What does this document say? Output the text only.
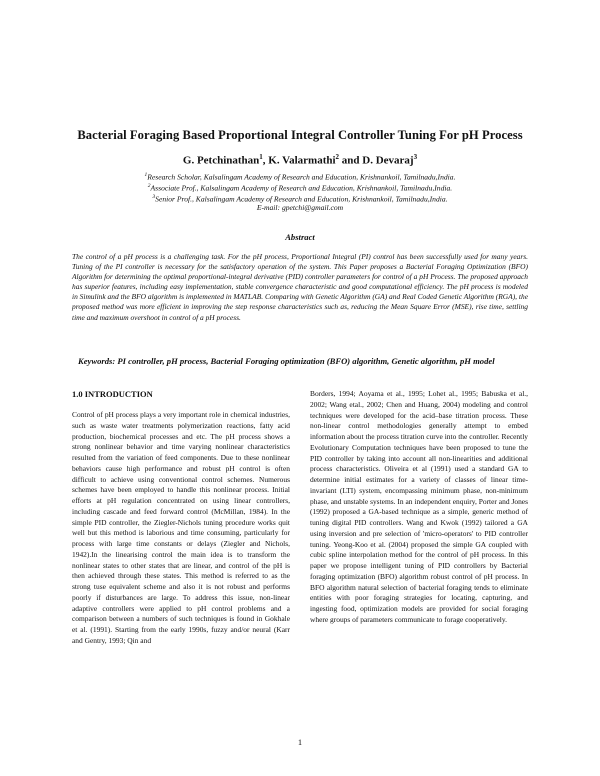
Bacterial Foraging Based Proportional Integral Controller Tuning For pH Process
G. Petchinathan$^1$, K. Valarmathi$^2$ and D. Devaraj$^3$
$^1$Research Scholar, Kalsalingam Academy of Research and Education, Krishnankoil, Tamilnadu,India.
$^2$Associate Prof., Kalsalingam Academy of Research and Education, Krishnankoil, Tamilnadu,India.
$^3$Senior Prof., Kalsalingam Academy of Research and Education, Krishnankoil, Tamilnadu,India.
E-mail: gpetchi@gmail.com
Abstract

The control of a pH process is a challenging task. For the pH process, Proportional Integral (PI) control has been successfully used for many years. Tuning of the PI controller is necessary for the satisfactory operation of the system. This Paper proposes a Bacterial Foraging Optimization (BFO) Algorithm for determining the optimal proportional-integral derivative (PID) controller parameters for control of a pH Process. The proposed approach has superior features, including easy implementation, stable convergence characteristic and good computational efficiency. The pH process is modeled in Simulink and the BFO algorithm is implemented in MATLAB. Comparing with Genetic Algorithm (GA) and Real Coded Genetic Algorithm (RGA), the proposed method was more efficient in improving the step response characteristics such as, reducing the Mean Square Error (MSE), rise time, settling time and maximum overshoot in control of a pH process.

Keywords: PI controller, pH process, Bacterial Foraging optimization (BFO) algorithm, Genetic algorithm, pH model

1.0 INTRODUCTION

Control of pH process plays a very important role in chemical industries, such as waste water treatments polymerization reactions, fatty acid production, biochemical processes and etc. The pH process shows a strong nonlinear behavior and time varying nonlinear characteristics resulted from the variation of feed components. Due to these nonlinear behaviors cause high performance and robust pH control is often difficult to achieve using conventional control schemes. Numerous schemes have been employed to handle this nonlinear process. Initial efforts at pH regulation concentrated on using linear controllers, including cascade and feed forward control (McMillan, 1984). In the simple PID controller, the Ziegler-Nichols tuning procedure works quit well but this method is laborious and time consuming, particularly for process with large time constants or delays (Ziegler and Nichols, 1942).In the linearising control the main idea is to transform the nonlinear states to other states that are linear, and control of the pH is then achieved through these states. This method is referred to as the strong tuse equivalent scheme and also it is not robust and performs poorly if disturbances are large. To address this issue, non-linear adaptive controllers were applied to pH control problems and a comparison between a numbers of such techniques is found in Gokhale et al. (1991). Starting from the early 1990s, fuzzy and/or neural (Karr and Gentry, 1993; Qin and

Borders, 1994; Aoyama et al., 1995; Lohet al., 1995; Babuska et al., 2002; Wang etal., 2002; Chen and Huang, 2004) modeling and control techniques were developed for the acid–base titration process. These non-linear control methodologies generally attempt to embed information about the process titration curve into the controller. Recently Evolutionary Computation techniques have been proposed to tune the PID controller by taking into account all non-linearities and additional process characteristics. Oliveira et al (1991) used a standard GA to determine initial estimates for a variety of classes of linear time-invariant (LTI) system, encompassing minimum phase, non-minimum phase, and unstable systems. In an independent enquiry, Porter and Jones (1992) proposed a GA-based technique as a simple, generic method of tuning digital PID controllers. Wang and Kwok (1992) tailored a GA using inversion and pre selection of 'micro-operators' to PID controller tuning. Yeong-Koo et al. (2004) proposed the simple GA coupled with cubic spline interpolation method for the control of pH process. In this paper we propose intelligent tuning of PID controllers by Bacterial foraging optimization (BFO) algorithm robust control of pH process. In BFO algorithm natural selection of bacterial foraging tends to eliminate entities with poor foraging strategies for locating, capturing, and ingesting food, optimization models are provided for social foraging where groups of parameters communicate to forage cooperatively.

1
